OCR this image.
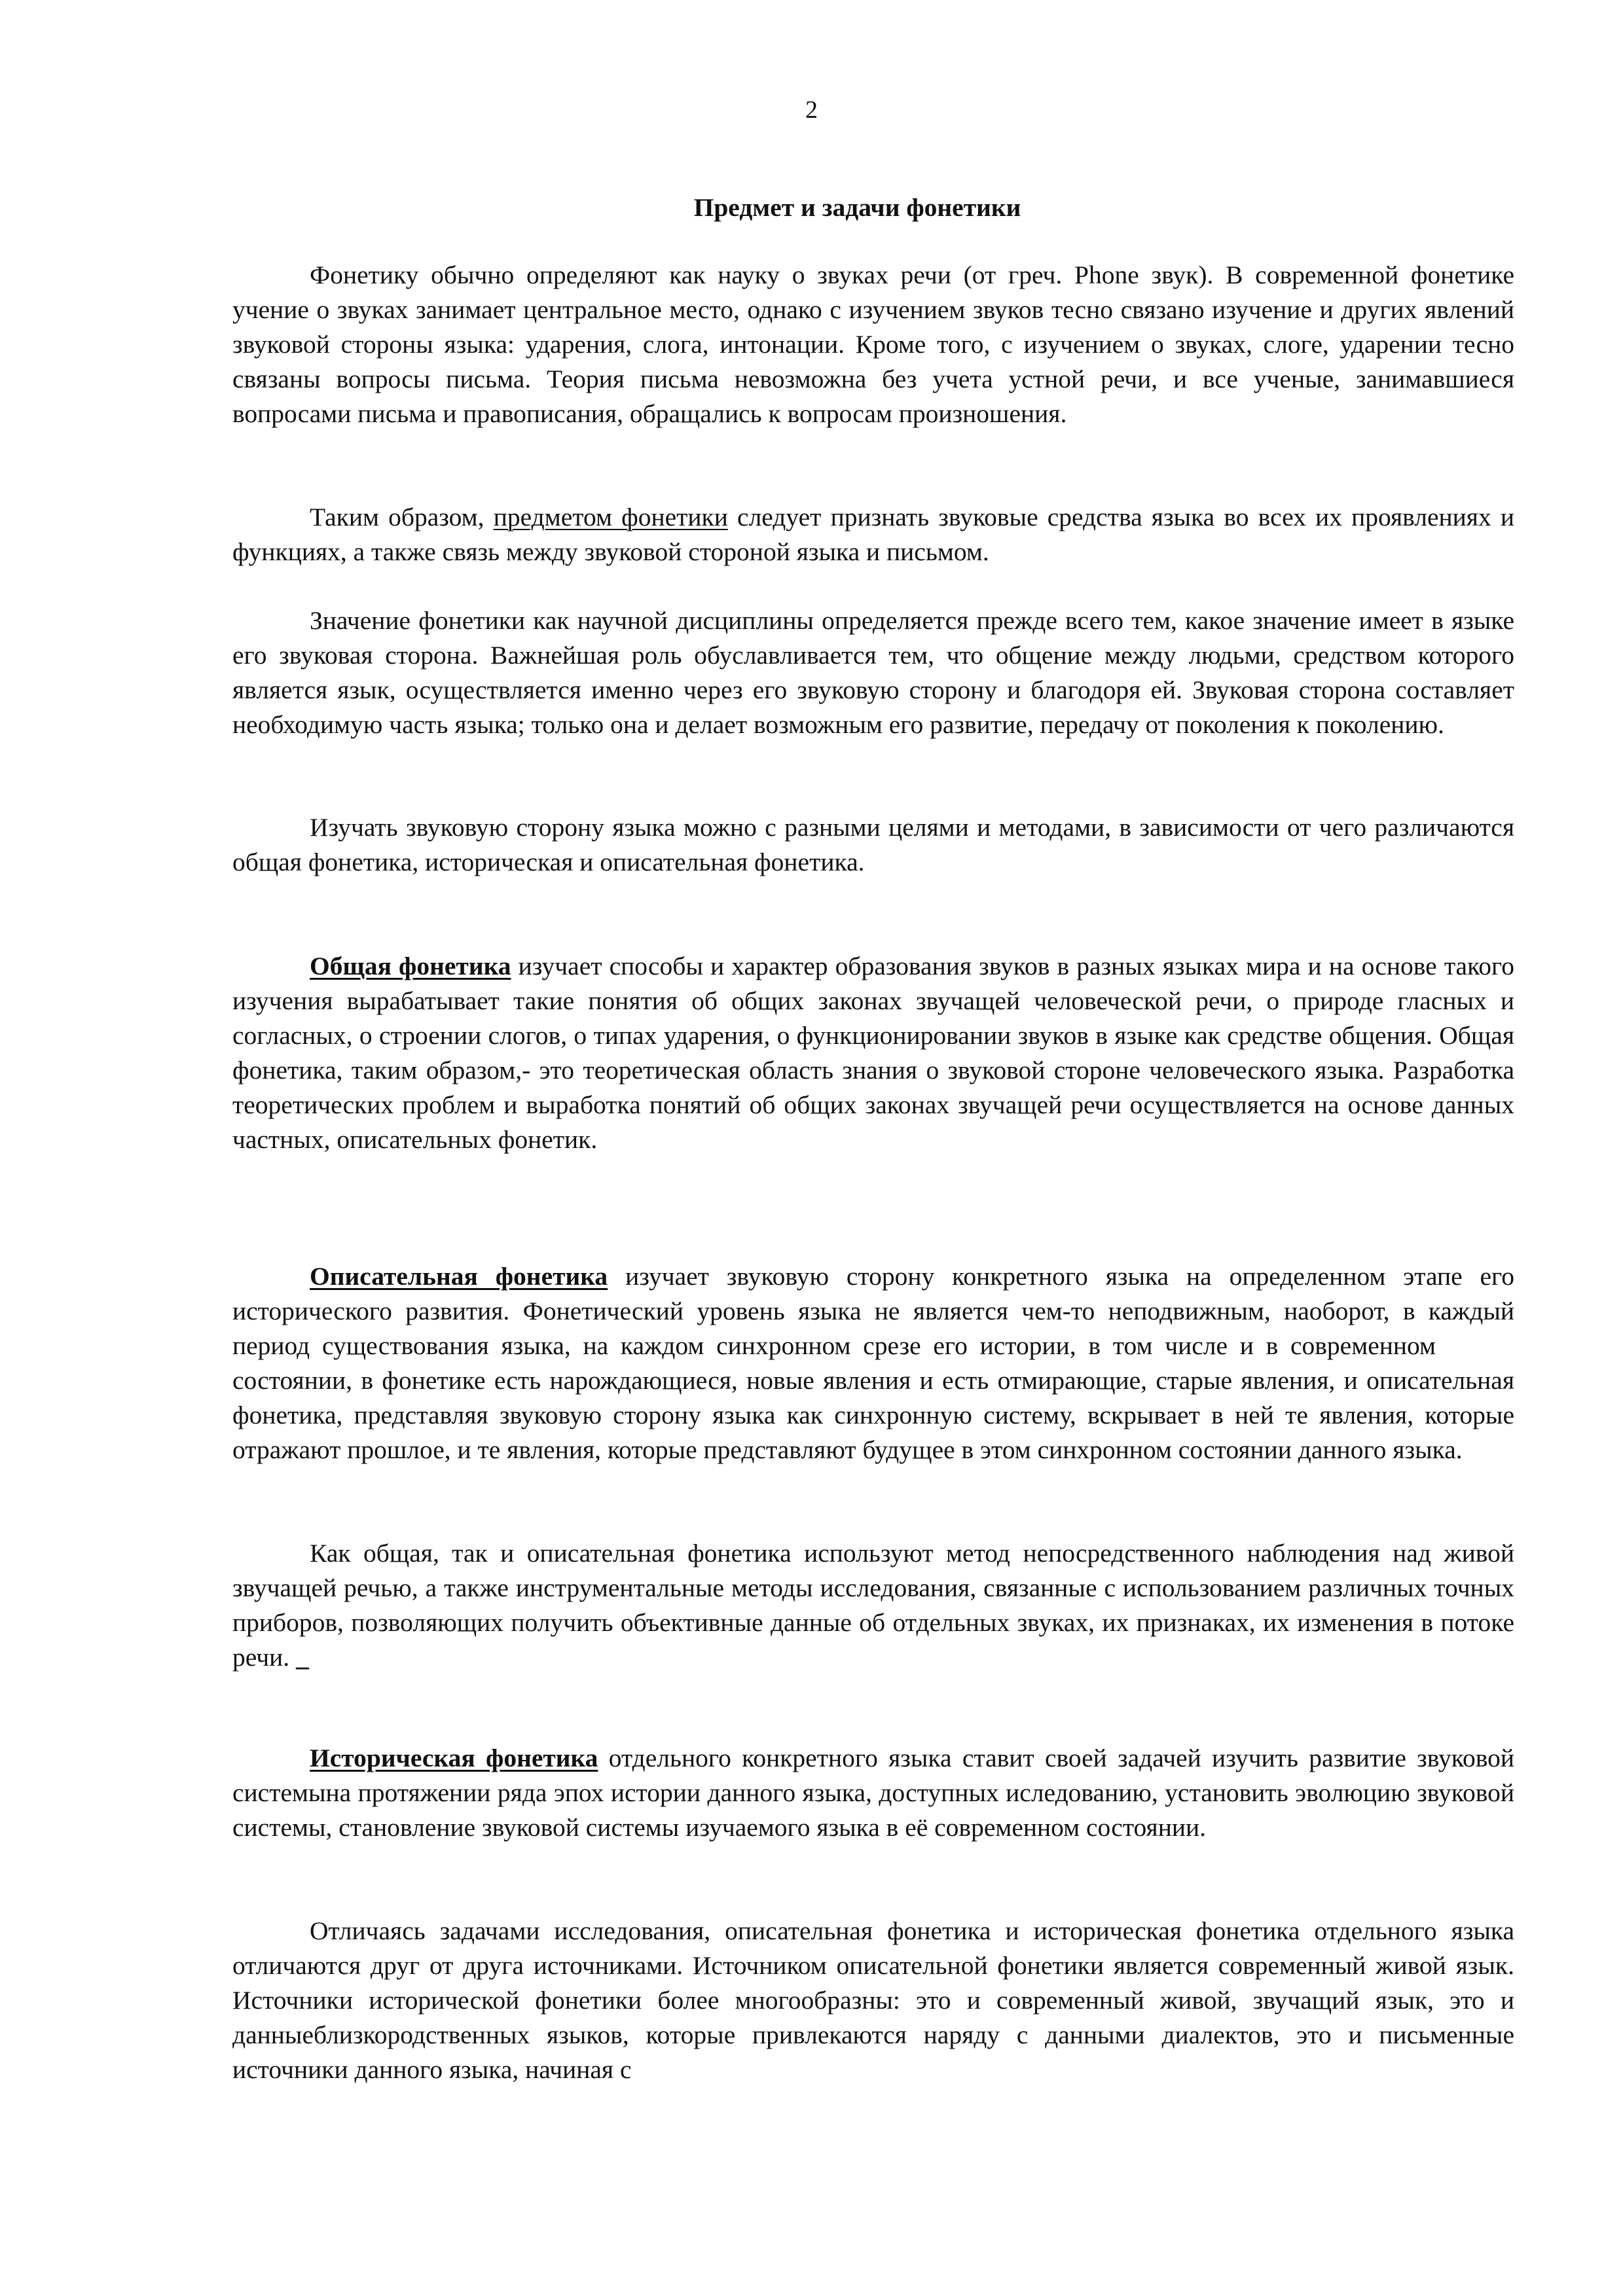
2
Предмет и задачи фонетики

Фонетику обычно определяют как науку о звуках речи (от греч. Phone звук). В современной фонетике учение о звуках занимает центральное место, однако с изучением звуков тесно связано изучение и других явлений звуковой стороны языка: ударения, слога, интонации. Кроме того, с изучением о звуках, слоге, ударении тесно связаны вопросы письма. Теория письма невозможна без учета устной речи, и все ученые, занимавшиеся вопросами письма и правописания, обращались к вопросам произношения.

Таким образом, предметом фонетики следует признать звуковые средства языка во всех их проявлениях и функциях, а также связь между звуковой стороной языка и письмом.

Значение фонетики как научной дисциплины определяется прежде всего тем, какое значение имеет в языке его звуковая сторона. Важнейшая роль обуславливается тем, что общение между людьми, средством которого является язык, осуществляется именно через его звуковую сторону и благодоря ей. Звуковая сторона составляет необходимую часть языка; только она и делает возможным его развитие, передачу от поколения к поколению.

Изучать звуковую сторону языка можно с разными целями и методами, в зависимости от чего различаются общая фонетика, историческая и описательная фонетика.

Общая фонетика изучает способы и характер образования звуков в разных языках мира и на основе такого изучения вырабатывает такие понятия об общих законах звучащей человеческой речи, о природе гласных и согласных, о строении слогов, о типах ударения, о функционировании звуков в языке как средстве общения. Общая фонетика, таким образом,- это теоретическая область знания о звуковой стороне человеческого языка. Разработка теоретических проблем и выработка понятий об общих законах звучащей речи осуществляется на основе данных частных, описательных фонетик.

Описательная фонетика изучает звуковую сторону конкретного языка на определенном этапе его исторического развития. Фонетический уровень языка не является чем-то неподвижным, наоборот, в каждый период существования языка, на каждом синхронном срезе его истории, в том числе и в современномсостоянии, в фонетике есть нарождающиеся, новые явления и есть отмирающие, старые явления, и описательная фонетика, представляя звуковую сторону языка как синхронную систему, вскрывает в ней те явления, которые отражают прошлое, и те явления, которые представляют будущее в этом синхронном состоянии данного языка.

Как общая, так и описательная фонетика используют метод непосредственного наблюдения над живой звучащей речью, а также инструментальные методы исследования, связанные с использованием различных точных приборов, позволяющих получить объективные данные об отдельных звуках, их признаках, их изменения в потоке речи. _

Историческая фонетика отдельного конкретного языка ставит своей задачей изучить развитие звуковой системына протяжении ряда эпох истории данного языка, доступных иследованию, установить эволюцию звуковой системы, становление звуковой системы изучаемого языка в её современном состоянии.

Отличаясь задачами исследования, описательная фонетика и историческая фонетика отдельного языка отличаются друг от друга источниками. Источником описательной фонетики является современный живой язык. Источники исторической фонетики более многообразны: это и современный живой, звучащий язык, это и данныеблизкородственных языков, которые привлекаются наряду с данными диалектов, это и письменные источники данного языка, начиная с
